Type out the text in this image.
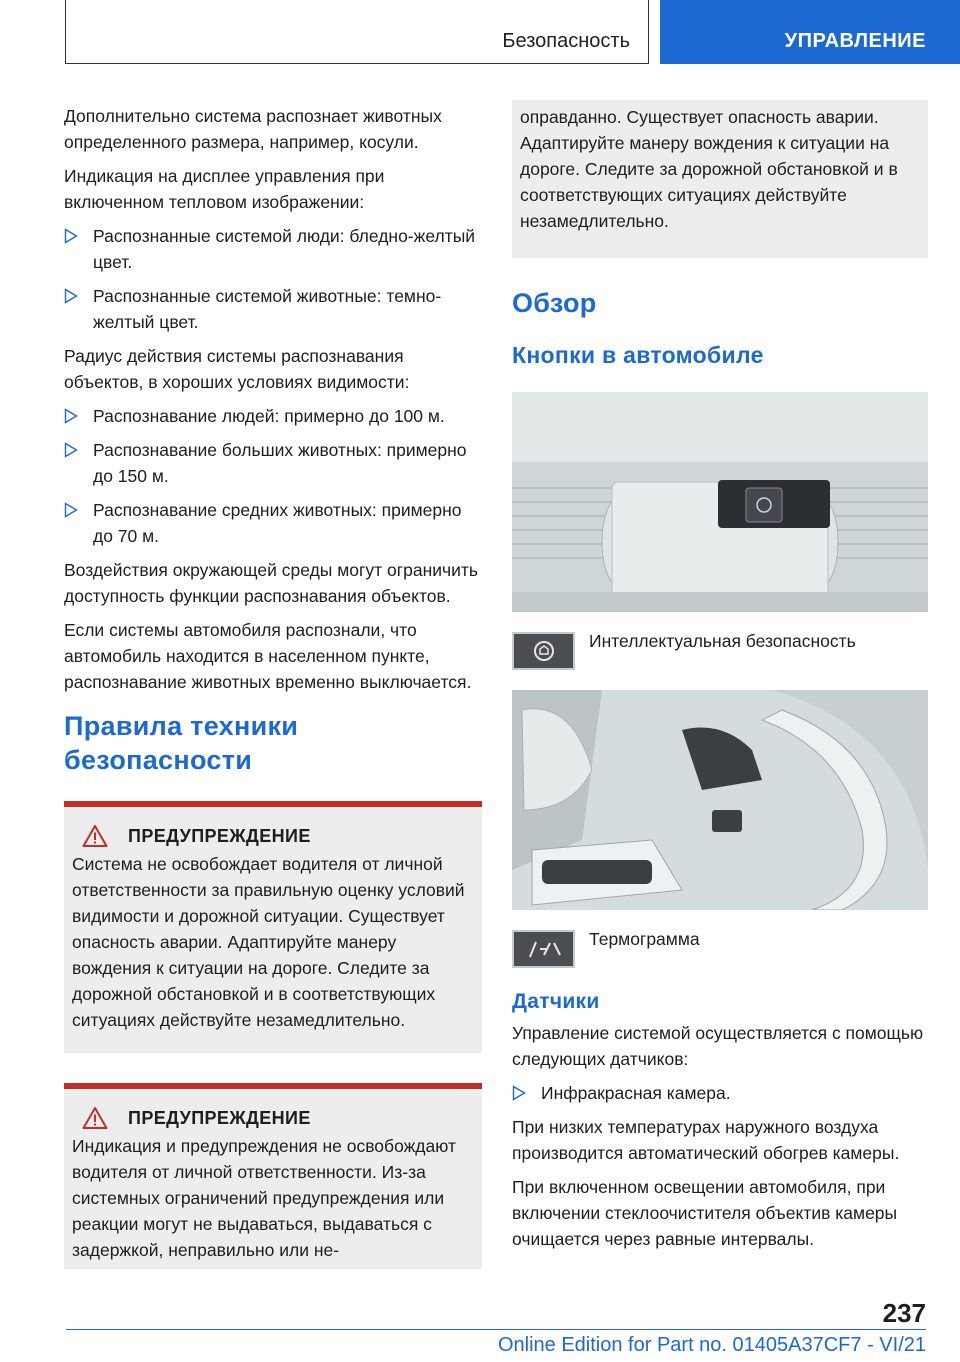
Безопасность	УПРАВЛЕНИЕ

Дополнительно система распознает животных определенного размера, например, косули.

Индикация на дисплее управления при включенном тепловом изображении:

Распознанные системой люди: бледно-желтый цвет.
Распознанные системой животные: темно-желтый цвет.

Радиус действия системы распознавания объектов, в хороших условиях видимости:

Распознавание людей: примерно до 100 м.
Распознавание больших животных: примерно до 150 м.
Распознавание средних животных: примерно до 70 м.

Воздействия окружающей среды могут ограничить доступность функции распознавания объектов.

Если системы автомобиля распознали, что автомобиль находится в населенном пункте, распознавание животных временно выключается.

Правила техники безопасности
ПРЕДУПРЕЖДЕНИЕ
Система не освобождает водителя от личной ответственности за правильную оценку условий видимости и дорожной ситуации. Существует опасность аварии. Адаптируйте манеру вождения к ситуации на дороге. Следите за дорожной обстановкой и в соответствующих ситуациях действуйте незамедлительно.
ПРЕДУПРЕЖДЕНИЕ
Индикация и предупреждения не освобождают водителя от личной ответственности. Из-за системных ограничений предупреждения или реакции могут не выдаваться, выдаваться с задержкой, неправильно или не-
оправданно. Существует опасность аварии. Адаптируйте манеру вождения к ситуации на дороге. Следите за дорожной обстановкой и в соответствующих ситуациях действуйте незамедлительно.
Обзор
Кнопки в автомобиле
Интеллектуальная безопасность
Термограмма
Датчики

Управление системой осуществляется с помощью следующих датчиков:

Инфракрасная камера.

При низких температурах наружного воздуха производится автоматический обогрев камеры.

При включенном освещении автомобиля, при включении стеклоочистителя объектив камеры очищается через равные интервалы.

237
Online Edition for Part no. 01405A37CF7 - VI/21
